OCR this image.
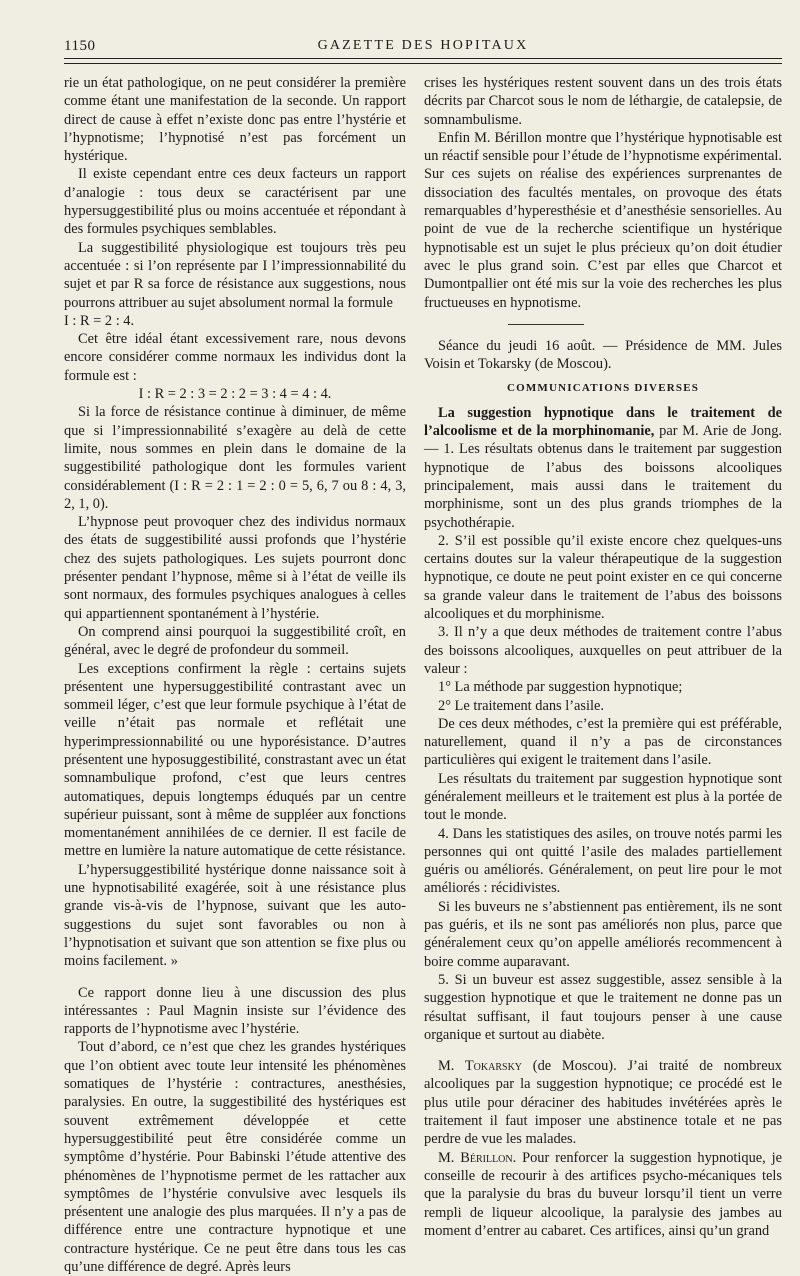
1150	GAZETTE DES HOPITAUX

rie un état pathologique, on ne peut considérer la première comme étant une manifestation de la seconde. Un rapport direct de cause à effet n’existe donc pas entre l’hystérie et l’hypnotisme; l’hypnotisé n’est pas forcément un hystérique.

Il existe cependant entre ces deux facteurs un rapport d’analogie : tous deux se caractérisent par une hypersuggestibilité plus ou moins accentuée et répondant à des formules psychiques semblables.

La suggestibilité physiologique est toujours très peu accentuée : si l’on représente par I l’impressionnabilité du sujet et par R sa force de résistance aux suggestions, nous pourrons attribuer au sujet absolument normal la formule

I : R = 2 : 4.

Cet être idéal étant excessivement rare, nous devons encore considérer comme normaux les individus dont la formule est :

I : R = 2 : 3 = 2 : 2 = 3 : 4 = 4 : 4.

Si la force de résistance continue à diminuer, de même que si l’impressionnabilité s’exagère au delà de cette limite, nous sommes en plein dans le domaine de la suggestibilité pathologique dont les formules varient considérablement (I : R = 2 : 1 = 2 : 0 = 5, 6, 7 ou 8 : 4, 3, 2, 1, 0).

L’hypnose peut provoquer chez des individus normaux des états de suggestibilité aussi profonds que l’hystérie chez des sujets pathologiques. Les sujets pourront donc présenter pendant l’hypnose, même si à l’état de veille ils sont normaux, des formules psychiques analogues à celles qui appartiennent spontanément à l’hystérie.

On comprend ainsi pourquoi la suggestibilité croît, en général, avec le degré de profondeur du sommeil.

Les exceptions confirment la règle : certains sujets présentent une hypersuggestibilité contrastant avec un sommeil léger, c’est que leur formule psychique à l’état de veille n’était pas normale et reflétait une hyperimpressionnabilité ou une hyporésistance. D’autres présentent une hyposuggestibilité, constrastant avec un état somnambulique profond, c’est que leurs centres automatiques, depuis longtemps éduqués par un centre supérieur puissant, sont à même de suppléer aux fonctions momentanément annihilées de ce dernier. Il est facile de mettre en lumière la nature automatique de cette résistance.

L’hypersuggestibilité hystérique donne naissance soit à une hypnotisabilité exagérée, soit à une résistance plus grande vis-à-vis de l’hypnose, suivant que les auto-suggestions du sujet sont favorables ou non à l’hypnotisation et suivant que son attention se fixe plus ou moins facilement. »

Ce rapport donne lieu à une discussion des plus intéressantes : Paul Magnin insiste sur l’évidence des rapports de l’hypnotisme avec l’hystérie.

Tout d’abord, ce n’est que chez les grandes hystériques que l’on obtient avec toute leur intensité les phénomènes somatiques de l’hystérie : contractures, anesthésies, paralysies. En outre, la suggestibilité des hystériques est souvent extrêmement développée et cette hypersuggestibilité peut être considérée comme un symptôme d’hystérie. Pour Babinski l’étude attentive des phénomènes de l’hypnotisme permet de les rattacher aux symptômes de l’hystérie convulsive avec lesquels ils présentent une analogie des plus marquées. Il n’y a pas de différence entre une contracture hypnotique et une contracture hystérique. Ce ne peut être dans tous les cas qu’une différence de degré. Après leurs

crises les hystériques restent souvent dans un des trois états décrits par Charcot sous le nom de léthargie, de catalepsie, de somnambulisme.

Enfin M. Bérillon montre que l’hystérique hypnotisable est un réactif sensible pour l’étude de l’hypnotisme expérimental. Sur ces sujets on réalise des expériences surprenantes de dissociation des facultés mentales, on provoque des états remarquables d’hyperesthésie et d’anesthésie sensorielles. Au point de vue de la recherche scientifique un hystérique hypnotisable est un sujet le plus précieux qu’on doit étudier avec le plus grand soin. C’est par elles que Charcot et Dumontpallier ont été mis sur la voie des recherches les plus fructueuses en hypnotisme.

Séance du jeudi 16 août. — Présidence de MM. Jules Voisin et Tokarsky (de Moscou).

COMMUNICATIONS DIVERSES

La suggestion hypnotique dans le traitement de l’alcoolisme et de la morphinomanie, par M. Arie de Jong. — 1. Les résultats obtenus dans le traitement par suggestion hypnotique de l’abus des boissons alcooliques principalement, mais aussi dans le traitement du morphinisme, sont un des plus grands triomphes de la psychothérapie.

2. S’il est possible qu’il existe encore chez quelques-uns certains doutes sur la valeur thérapeutique de la suggestion hypnotique, ce doute ne peut point exister en ce qui concerne sa grande valeur dans le traitement de l’abus des boissons alcooliques et du morphinisme.

3. Il n’y a que deux méthodes de traitement contre l’abus des boissons alcooliques, auxquelles on peut attribuer de la valeur :

1° La méthode par suggestion hypnotique;

2° Le traitement dans l’asile.

De ces deux méthodes, c’est la première qui est préférable, naturellement, quand il n’y a pas de circonstances particulières qui exigent le traitement dans l’asile.

Les résultats du traitement par suggestion hypnotique sont généralement meilleurs et le traitement est plus à la portée de tout le monde.

4. Dans les statistiques des asiles, on trouve notés parmi les personnes qui ont quitté l’asile des malades partiellement guéris ou améliorés. Généralement, on peut lire pour le mot améliorés : récidivistes.

Si les buveurs ne s’abstiennent pas entièrement, ils ne sont pas guéris, et ils ne sont pas améliorés non plus, parce que généralement ceux qu’on appelle améliorés recommencent à boire comme auparavant.

5. Si un buveur est assez suggestible, assez sensible à la suggestion hypnotique et que le traitement ne donne pas un résultat suffisant, il faut toujours penser à une cause organique et surtout au diabète.

M. Tokarsky (de Moscou). J’ai traité de nombreux alcooliques par la suggestion hypnotique; ce procédé est le plus utile pour déraciner des habitudes invétérées après le traitement il faut imposer une abstinence totale et ne pas perdre de vue les malades.

M. Bérillon. Pour renforcer la suggestion hypnotique, je conseille de recourir à des artifices psycho-mécaniques tels que la paralysie du bras du buveur lorsqu’il tient un verre rempli de liqueur alcoolique, la paralysie des jambes au moment d’entrer au cabaret. Ces artifices, ainsi qu’un grand
